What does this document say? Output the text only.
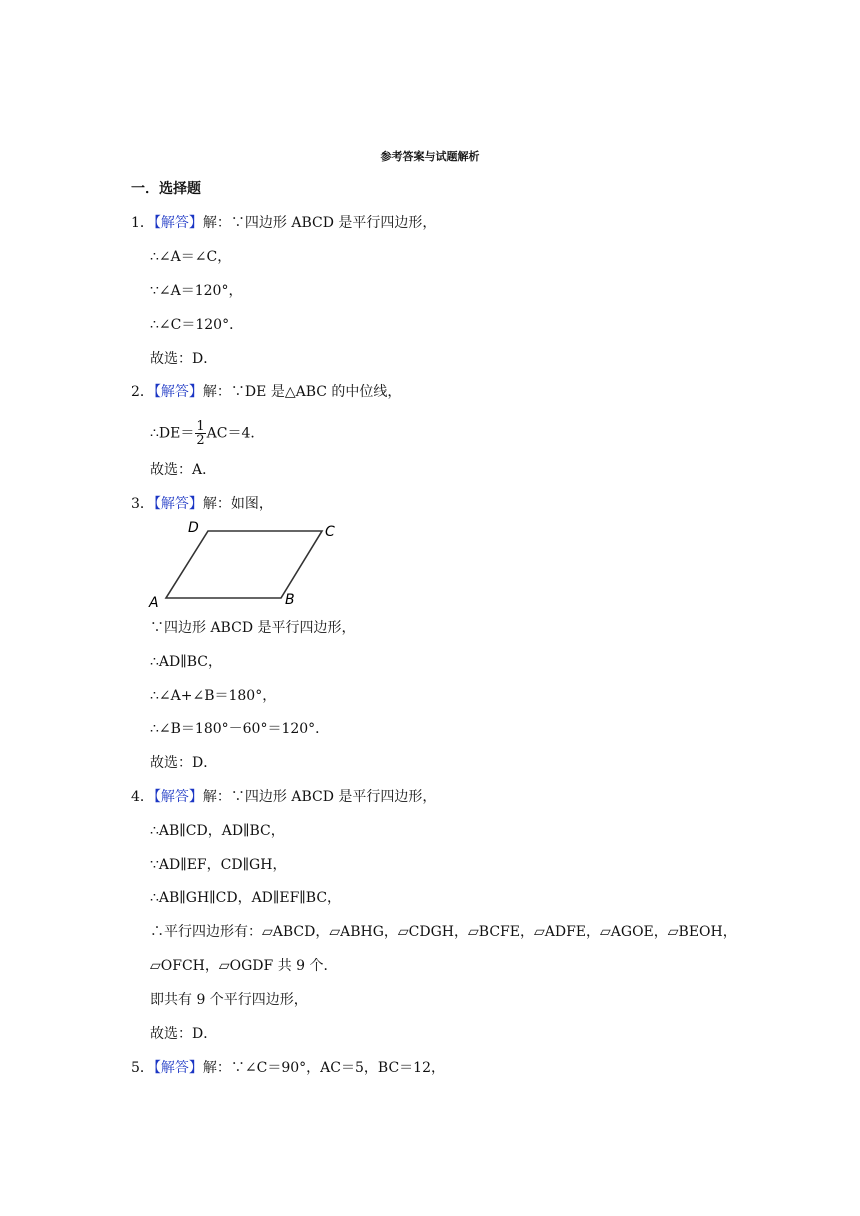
参考答案与试题解析
一．选择题
1．【解答】解：∵四边形 ABCD 是平行四边形，
∴∠A＝∠C，
∵∠A＝120°，
∴∠C＝120°．
故选：D．
2．【解答】解：∵DE 是△ABC 的中位线，
∴DE＝ $\frac{1}{2} AC=4$．
故选：A．
3．【解答】解：如图，
D	C
A	B
∵四边形 ABCD 是平行四边形，
∴AD∥BC，
∴∠A+∠B＝180°，
∴∠B＝180°－60°＝120°．
故选：D．
4．【解答】解：∵四边形 ABCD 是平行四边形，
∴AB∥CD，AD∥BC，
∵AD∥EF，CD∥GH，
∴AB∥GH∥CD，AD∥EF∥BC，
∴平行四边形有：▱ABCD，▱ABHG，▱CDGH，▱BCFE，▱ADFE，▱AGOE，▱BEOH，
▱OFCH，▱OGDF 共 9 个．
即共有 9 个平行四边形，
故选：D．
5．【解答】解：∵∠C＝90°，AC＝5，BC＝12，
